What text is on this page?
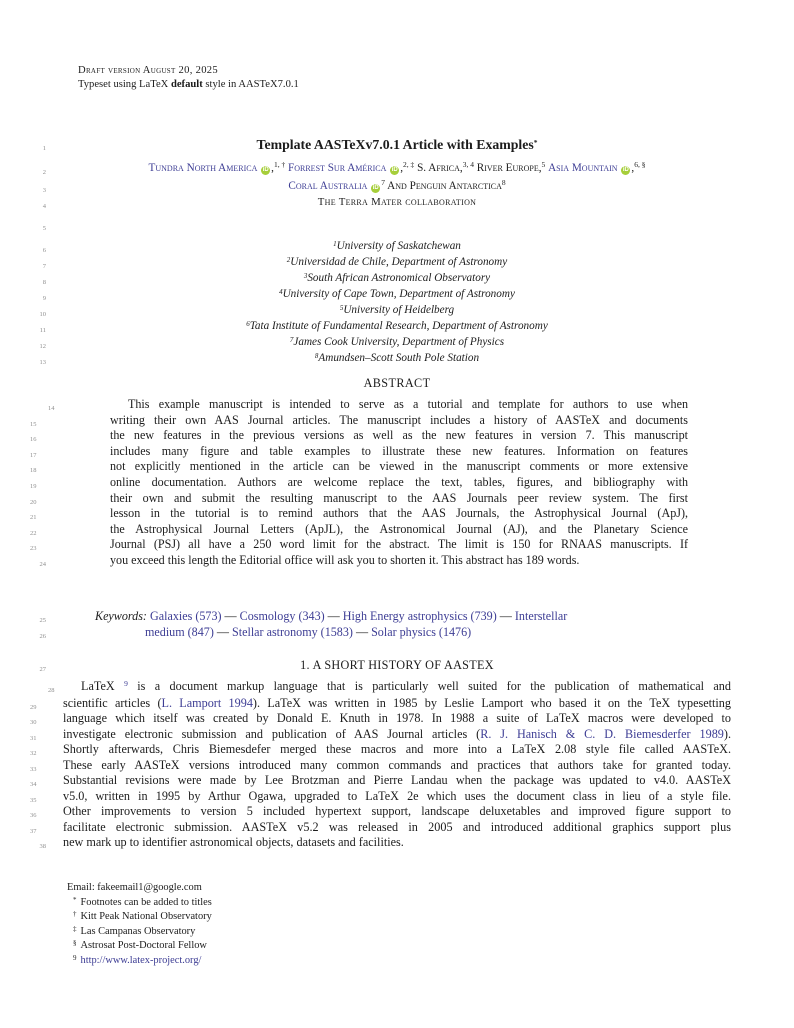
Draft version August 20, 2025
Typeset using LaTeX default style in AASTeX7.0.1
1	Template AASTeXv7.0.1 Article with Examples*
2	Tundra North America iD ,$^{1, \dagger}$ Forrest Sur América iD ,$^{2, \ddagger}$ S. Africa,$^{3, 4}$ River Europe,$^5$ Asia Mountain iD ,$^{6, \S}$
3	Coral Australia $iD^7$ And Penguin Antarctica$^8$
4	The Terra Mater collaboration
5
6
$^1$University of Saskatchewan
7
$^2$Universidad de Chile, Department of Astronomy
8
$^3$South African Astronomical Observatory
9
$^4$University of Cape Town, Department of Astronomy
10
$^5$University of Heidelberg
11
$^6$Tata Institute of Fundamental Research, Department of Astronomy
12
$^7$James Cook University, Department of Physics
13
$^8$Amundsen–Scott South Pole Station
ABSTRACT
14	This example manuscript is intended to serve as a tutorial and template for authors to use when
15	writing their own AAS Journal articles. The manuscript includes a history of AASTeX and documents
16	the new features in the previous versions as well as the new features in version 7. This manuscript
17	includes many figure and table examples to illustrate these new features. Information on features
18	not explicitly mentioned in the article can be viewed in the manuscript comments or more extensive
19	online documentation. Authors are welcome replace the text, tables, figures, and bibliography with
20	their own and submit the resulting manuscript to the AAS Journals peer review system. The first
21	lesson in the tutorial is to remind authors that the AAS Journals, the Astrophysical Journal (ApJ),
22	the Astrophysical Journal Letters (ApJL), the Astronomical Journal (AJ), and the Planetary Science
23	Journal (PSJ) all have a 250 word limit for the abstract. The limit is 150 for RNAAS manuscripts. If
24	you exceed this length the Editorial office will ask you to shorten it. This abstract has 189 words.
25	Keywords: Galaxies (573) — Cosmology (343) — High Energy astrophysics (739) — Interstellar
26	medium (847) — Stellar astronomy (1583) — Solar physics (1476)
27	1. A SHORT HISTORY OF AASTEX
28 LaTeX $^9$ is a document markup language that is particularly well suited for the publication of mathematical and
29	scientific articles (L. Lamport 1994). LaTeX was written in 1985 by Leslie Lamport who based it on the TeX typesetting
30	language which itself was created by Donald E. Knuth in 1978. In 1988 a suite of LaTeX macros were developed to
31	investigate electronic submission and publication of AAS Journal articles (R. J. Hanisch & C. D. Biemesderfer 1989).
32	Shortly afterwards, Chris Biemesdefer merged these macros and more into a LaTeX 2.08 style file called AASTeX.
33	These early AASTeX versions introduced many common commands and practices that authors take for granted today.
34	Substantial revisions were made by Lee Brotzman and Pierre Landau when the package was updated to v4.0. AASTeX
35	v5.0, written in 1995 by Arthur Ogawa, upgraded to LaTeX 2e which uses the document class in lieu of a style file.
36	Other improvements to version 5 included hypertext support, landscape deluxetables and improved figure support to
37	facilitate electronic submission. AASTeX v5.2 was released in 2005 and introduced additional graphics support plus
38 new mark up to identifier astronomical objects, datasets and facilities.
Email: fakeemail1@google.com
* Footnotes can be added to titles
† Kitt Peak National Observatory
‡ Las Campanas Observatory
§ Astrosat Post-Doctoral Fellow
$^9$ http://www.latex-project.org/
